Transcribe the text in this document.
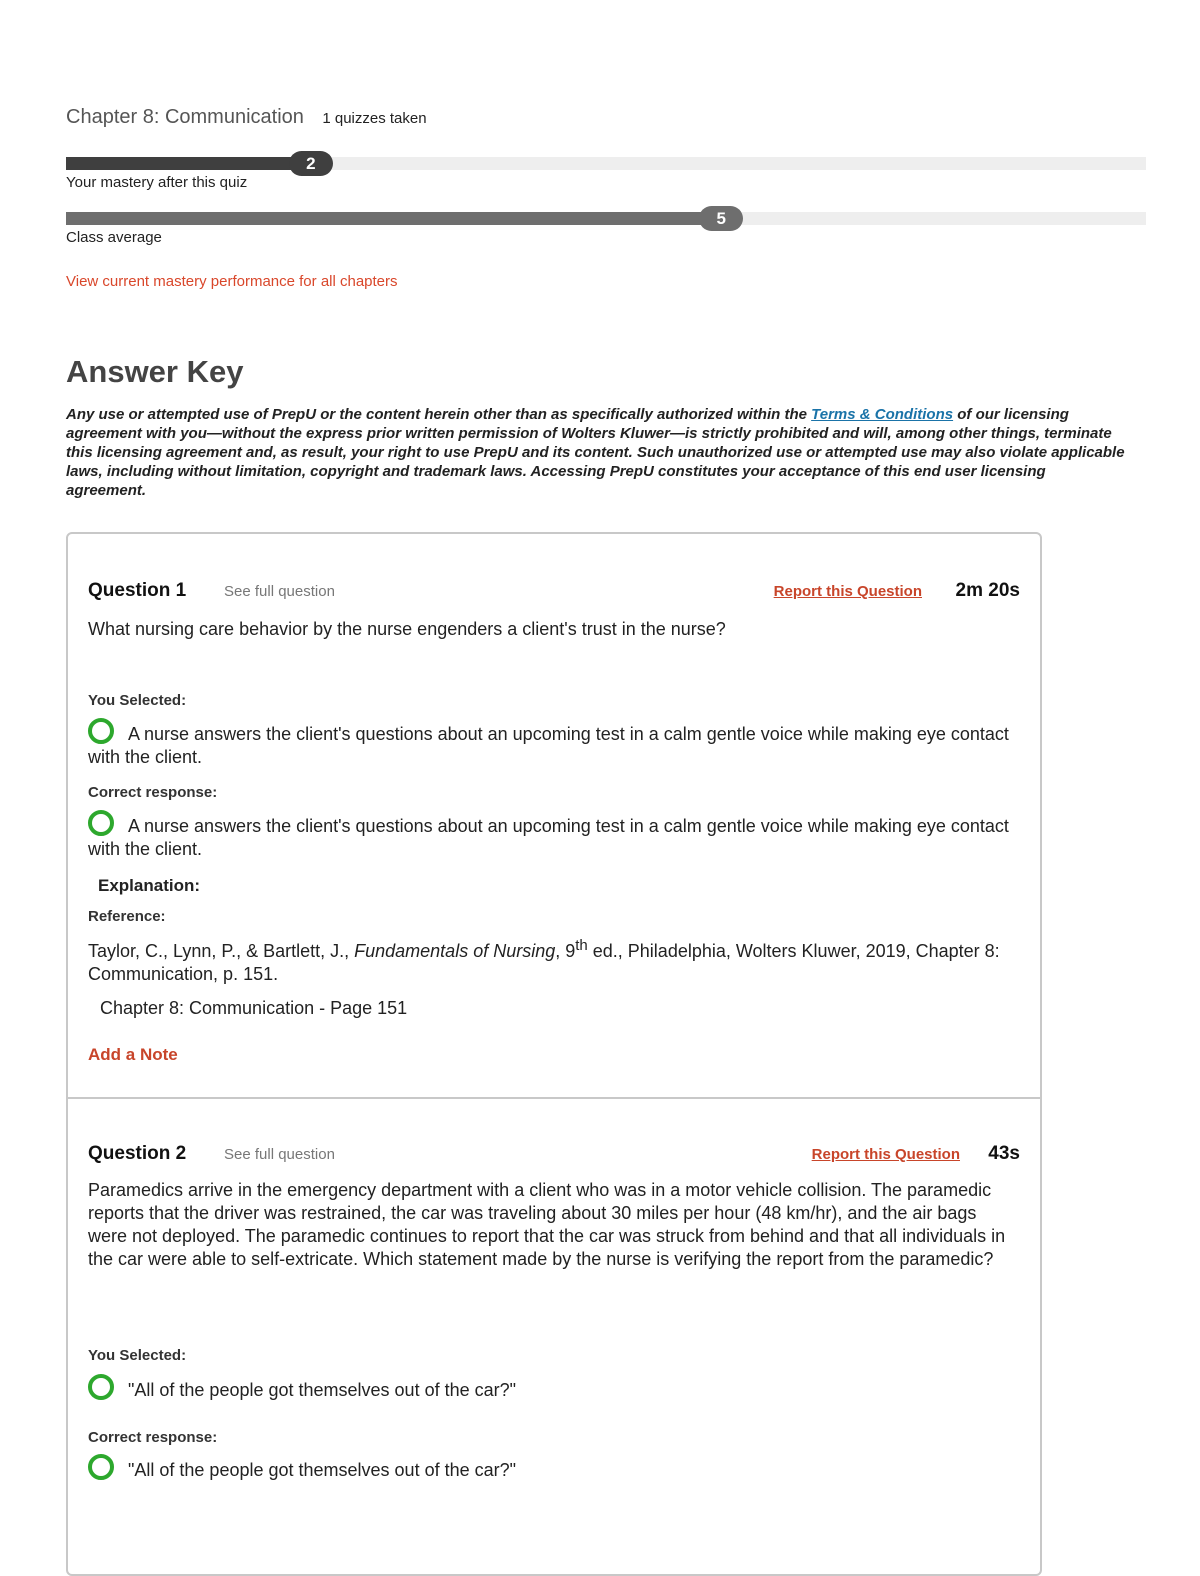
Chapter 8: Communication 1 quizzes taken
2
Your mastery after this quiz
5
Class average
View current mastery performance for all chapters
Answer Key
Any use or attempted use of PrepU or the content herein other than as specifically authorized within the Terms & Conditions of our licensing agreement with you—without the express prior written permission of Wolters Kluwer—is strictly prohibited and will, among other things, terminate this licensing agreement and, as result, your right to use PrepU and its content. Such unauthorized use or attempted use may also violate applicable laws, including without limitation, copyright and trademark laws. Accessing PrepU constitutes your acceptance of this end user licensing agreement.
Question 1	See full question	Report this Question 2m 20s
What nursing care behavior by the nurse engenders a client's trust in the nurse?
You Selected:
A nurse answers the client's questions about an upcoming test in a calm gentle voice while making eye contact with the client.
Correct response:
A nurse answers the client's questions about an upcoming test in a calm gentle voice while making eye contact with the client.
Explanation:
Reference:
Taylor, C., Lynn, P., & Bartlett, J., Fundamentals of Nursing, 9th ed., Philadelphia, Wolters Kluwer, 2019, Chapter 8: Communication, p. 151.
Chapter 8: Communication - Page 151
Add a Note
Question 2	See full question	Report this Question 43s
Paramedics arrive in the emergency department with a client who was in a motor vehicle collision. The paramedic reports that the driver was restrained, the car was traveling about 30 miles per hour (48 km/hr), and the air bags were not deployed. The paramedic continues to report that the car was struck from behind and that all individuals in the car were able to self-extricate. Which statement made by the nurse is verifying the report from the paramedic?
You Selected:
"All of the people got themselves out of the car?"
Correct response:
"All of the people got themselves out of the car?"
